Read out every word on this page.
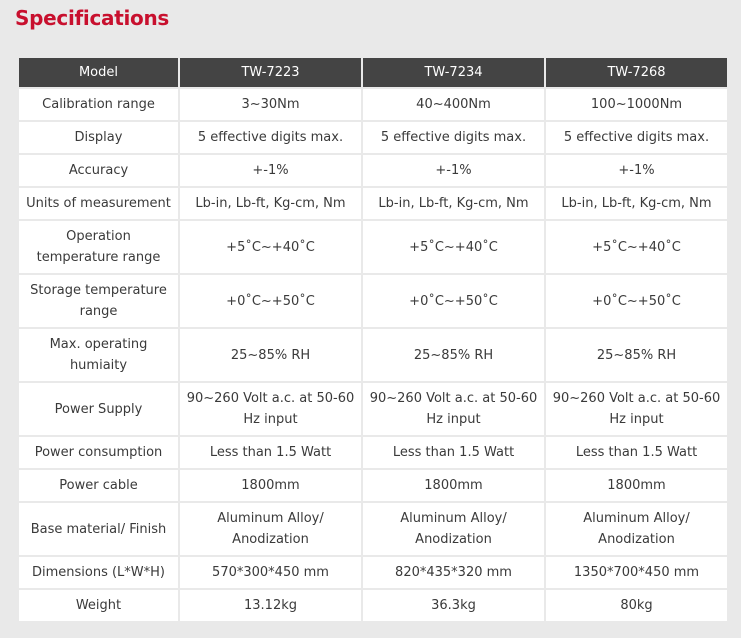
Specifications
Model	TW-7223	TW-7234	TW-7268
Calibration range	3~30Nm	40~400Nm	100~1000Nm
Display	5 effective digits max.	5 effective digits max.	5 effective digits max.
Accuracy	+-1%	+-1%	+-1%
Units of measurement	Lb-in, Lb-ft, Kg-cm, Nm	Lb-in, Lb-ft, Kg-cm, Nm	Lb-in, Lb-ft, Kg-cm, Nm
Operation temperature range	+5˚C~+40˚C	+5˚C~+40˚C	+5˚C~+40˚C
Storage temperature range	+0˚C~+50˚C	+0˚C~+50˚C	+0˚C~+50˚C
Max. operating humiaity	25~85% RH	25~85% RH	25~85% RH
Power Supply	90~260 Volt a.c. at 50-60 Hz input	90~260 Volt a.c. at 50-60 Hz input	90~260 Volt a.c. at 50-60 Hz input
Power consumption	Less than 1.5 Watt	Less than 1.5 Watt	Less than 1.5 Watt
Power cable	1800mm	1800mm	1800mm
Base material/ Finish	Aluminum Alloy/ Anodization	Aluminum Alloy/ Anodization	Aluminum Alloy/ Anodization
Dimensions (L*W*H)	570*300*450 mm	820*435*320 mm	1350*700*450 mm
Weight	13.12kg	36.3kg	80kg
